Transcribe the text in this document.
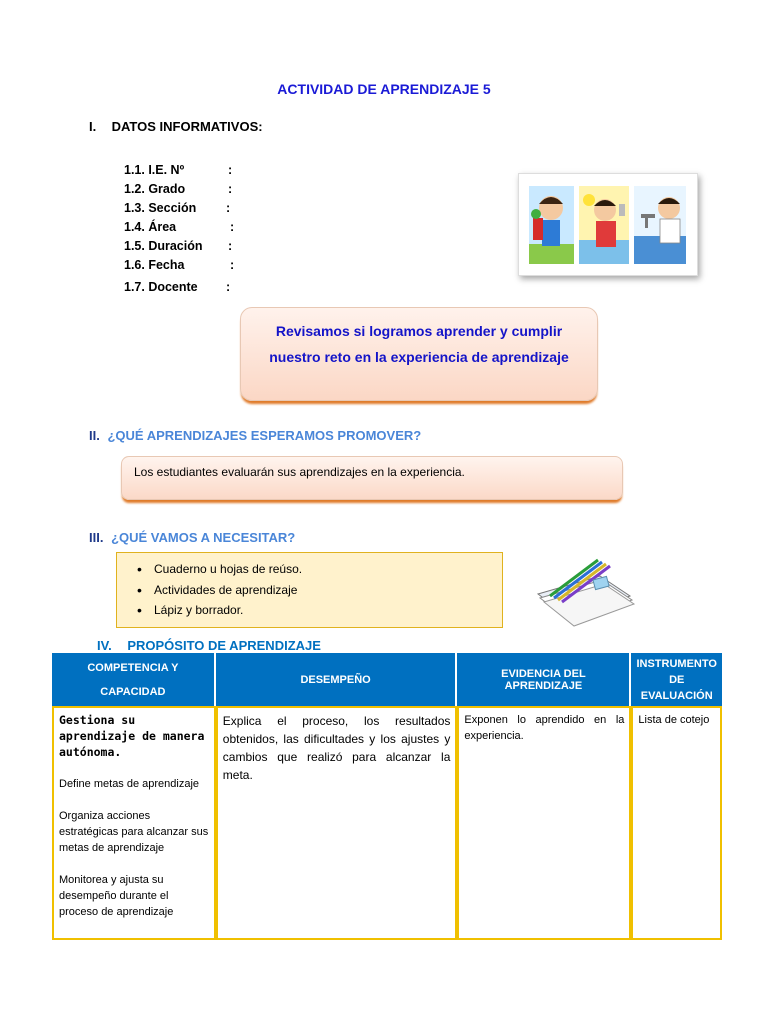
ACTIVIDAD DE APRENDIZAJE 5
I. DATOS INFORMATIVOS:
1.1. I.E. Nº	:
1.2. Grado	:
1.3. Sección :
1.4. Área	:
1.5. Duración :
1.6. Fecha	:
1.7. Docente :
Revisamos si logramos aprender y cumplir nuestro reto en la experiencia de aprendizaje
II. ¿QUÉ APRENDIZAJES ESPERAMOS PROMOVER?
Los estudiantes evaluarán sus aprendizajes en la experiencia.
III. ¿QUÉ VAMOS A NECESITAR?
• Cuaderno u hojas de reúso.
• Actividades de aprendizaje
• Lápiz y borrador.
IV. PROPÓSITO DE APRENDIZAJE
COMPETENCIA Y CAPACIDAD	DESEMPEÑO	EVIDENCIA DEL APRENDIZAJE	INSTRUMENTO DE EVALUACIÓN

Gestiona su aprendizaje de manera autónoma.
Define metas de aprendizaje
Organiza acciones estratégicas para alcanzar sus metas de aprendizaje
Monitorea y ajusta su desempeño durante el proceso de aprendizaje	Explica el proceso, los resultados obtenidos, las dificultades y los ajustes y cambios que realizó para alcanzar la meta.	Exponen lo aprendido en la experiencia.	Lista de cotejo
